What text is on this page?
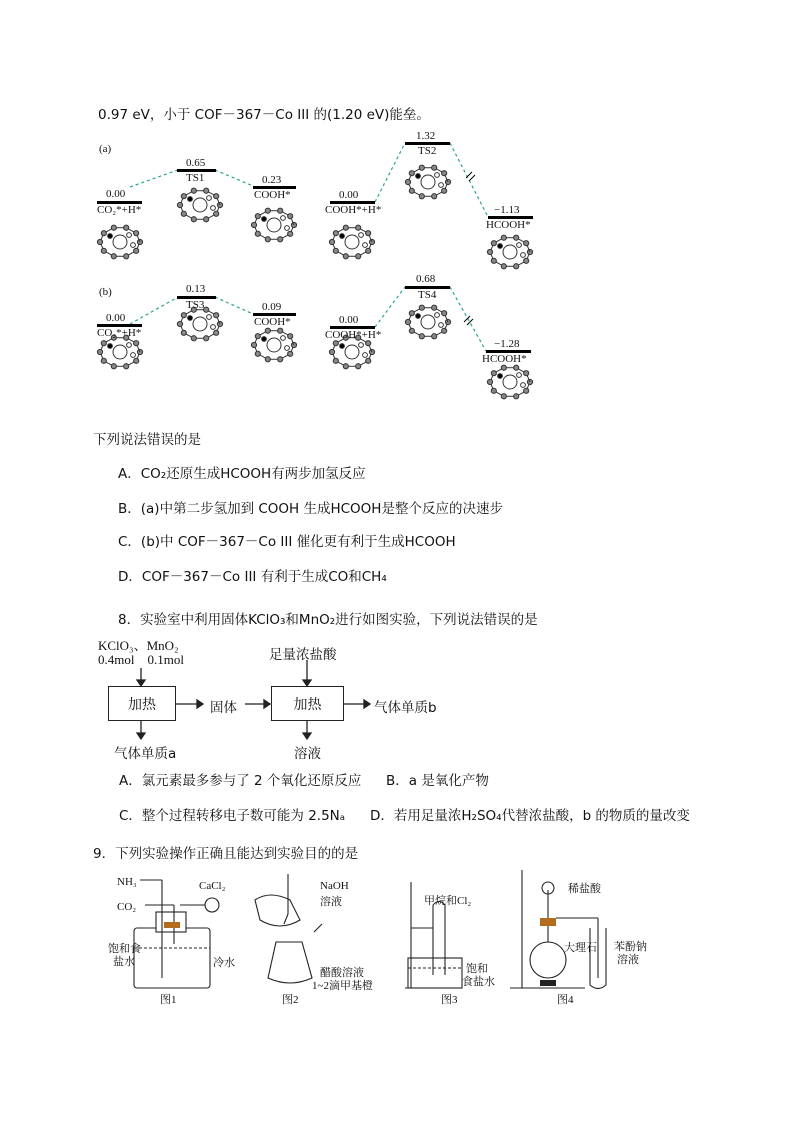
0.97 eV，小于 COF－367－Co III 的(1.20 eV)能垒。
(a)
(b)
0.00
CO₂*+H*
0.65
TS1	0.23
COOH*	0.00
COOH*+H*
1.32
TS2
−1.13
HCOOH*
0.00
CO₂*+H*
0.13
TS3	0.09
COOH*	0.00
COOH*+H*
0.68
TS4
−1.28
HCOOH*
下列说法错误的是
A．CO₂还原生成HCOOH有两步加氢反应
B．(a)中第二步氢加到 COOH 生成HCOOH是整个反应的决速步
C．(b)中 COF－367－Co III 催化更有利于生成HCOOH
D．COF－367－Co III 有利于生成CO和CH₄
8．实验室中利用固体KClO₃和MnO₂进行如图实验，下列说法错误的是
KClO₃、MnO₂
0.4mol    0.1mol
加热	固体
足量浓盐酸
加热	气体单质b
气体单质a	溶液
A．氯元素最多参与了 2 个氧化还原反应 B．a 是氧化产物
C．整个过程转移电子数可能为 2.5Nₐ D．若用足量浓H₂SO₄代替浓盐酸，b 的物质的量改变
9．下列实验操作正确且能达到实验目的的是
NH₃
CO₂
CaCl₂
饱和食
盐水	冷水
图1
NaOH
溶液
醋酸溶液
1~2滴甲基橙
图2
甲烷和Cl₂
饱和
食盐水
图3
稀盐酸
大理石 苯酚钠
溶液
图4
